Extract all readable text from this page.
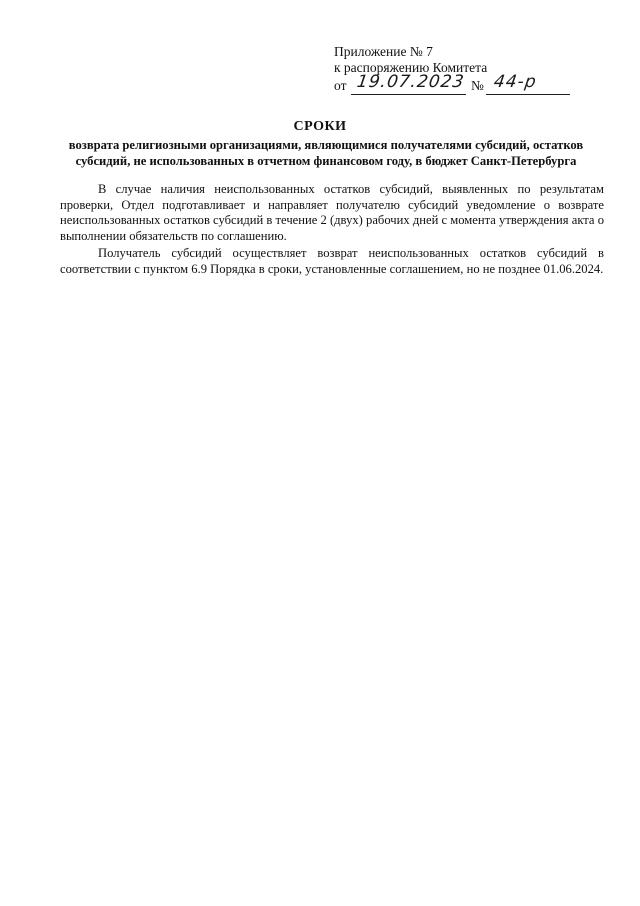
Приложение № 7
к распоряжению Комитета
от 19.07.2023 № 44-р
СРОКИ
возврата религиозными организациями, являющимися получателями субсидий, остатков субсидий, не использованных в отчетном финансовом году, в бюджет Санкт-Петербурга

В случае наличия неиспользованных остатков субсидий, выявленных по результатам проверки, Отдел подготавливает и направляет получателю субсидий уведомление о возврате неиспользованных остатков субсидий в течение 2 (двух) рабочих дней с момента утверждения акта о выполнении обязательств по соглашению.

Получатель субсидий осуществляет возврат неиспользованных остатков субсидий в соответствии с пунктом 6.9 Порядка в сроки, установленные соглашением, но не позднее 01.06.2024.
